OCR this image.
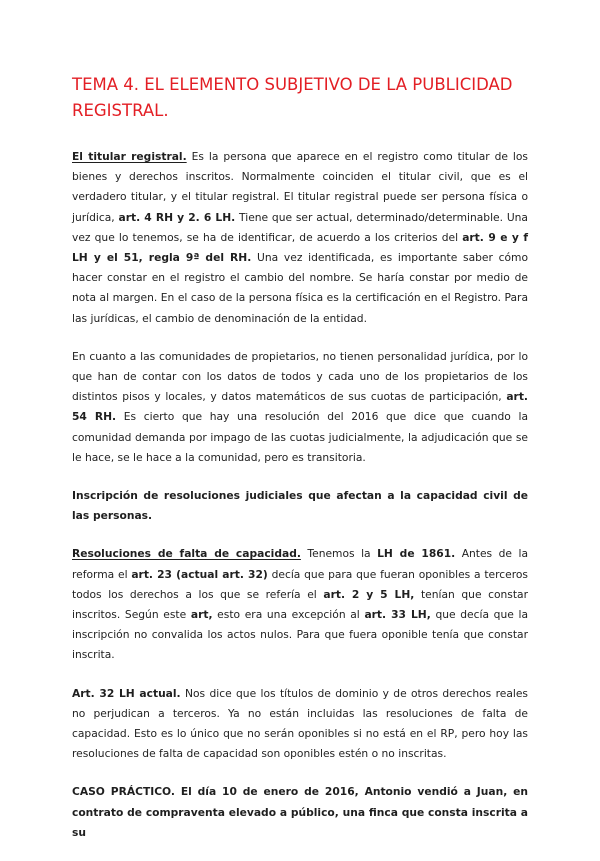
TEMA 4. EL ELEMENTO SUBJETIVO DE LA PUBLICIDAD REGISTRAL.

El titular registral. Es la persona que aparece en el registro como titular de los bienes y derechos inscritos. Normalmente coinciden el titular civil, que es el verdadero titular, y el titular registral. El titular registral puede ser persona física o jurídica, art. 4 RH y 2. 6 LH. Tiene que ser actual, determinado/determinable. Una vez que lo tenemos, se ha de identificar, de acuerdo a los criterios del art. 9 e y f LH y el 51, regla 9ª del RH. Una vez identificada, es importante saber cómo hacer constar en el registro el cambio del nombre. Se haría constar por medio de nota al margen. En el caso de la persona física es la certificación en el Registro. Para las jurídicas, el cambio de denominación de la entidad.

En cuanto a las comunidades de propietarios, no tienen personalidad jurídica, por lo que han de contar con los datos de todos y cada uno de los propietarios de los distintos pisos y locales, y datos matemáticos de sus cuotas de participación, art. 54 RH. Es cierto que hay una resolución del 2016 que dice que cuando la comunidad demanda por impago de las cuotas judicialmente, la adjudicación que se le hace, se le hace a la comunidad, pero es transitoria.

Inscripción de resoluciones judiciales que afectan a la capacidad civil de las personas.

Resoluciones de falta de capacidad. Tenemos la LH de 1861. Antes de la reforma el art. 23 (actual art. 32) decía que para que fueran oponibles a terceros todos los derechos a los que se refería el art. 2 y 5 LH, tenían que constar inscritos. Según este art, esto era una excepción al art. 33 LH, que decía que la inscripción no convalida los actos nulos. Para que fuera oponible tenía que constar inscrita.

Art. 32 LH actual. Nos dice que los títulos de dominio y de otros derechos reales no perjudican a terceros. Ya no están incluidas las resoluciones de falta de capacidad. Esto es lo único que no serán oponibles si no está en el RP, pero hoy las resoluciones de falta de capacidad son oponibles estén o no inscritas.

CASO PRÁCTICO. El día 10 de enero de 2016, Antonio vendió a Juan, en contrato de compraventa elevado a público, una finca que consta inscrita a su
